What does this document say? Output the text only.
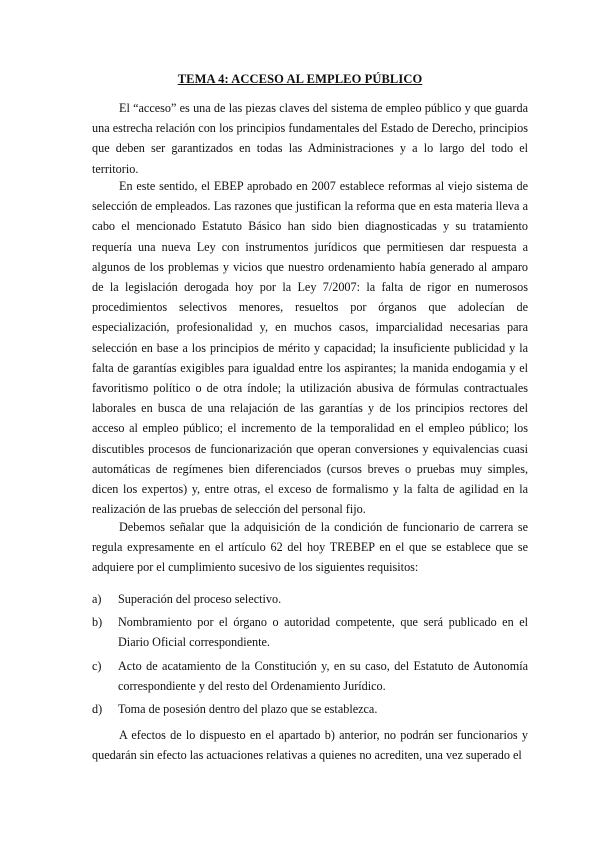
TEMA 4: ACCESO AL EMPLEO PÚBLICO

El “acceso” es una de las piezas claves del sistema de empleo público y que guarda una estrecha relación con los principios fundamentales del Estado de Derecho, principios que deben ser garantizados en todas las Administraciones y a lo largo del todo el territorio.

En este sentido, el EBEP aprobado en 2007 establece reformas al viejo sistema de selección de empleados. Las razones que justifican la reforma que en esta materia lleva a cabo el mencionado Estatuto Básico han sido bien diagnosticadas y su tratamiento requería una nueva Ley con instrumentos jurídicos que permitiesen dar respuesta a algunos de los problemas y vicios que nuestro ordenamiento había generado al amparo de la legislación derogada hoy por la Ley 7/2007: la falta de rigor en numerosos procedimientos selectivos menores, resueltos por órganos que adolecían de especialización, profesionalidad y, en muchos casos, imparcialidad necesarias para selección en base a los principios de mérito y capacidad; la insuficiente publicidad y la falta de garantías exigibles para igualdad entre los aspirantes; la manida endogamia y el favoritismo político o de otra índole; la utilización abusiva de fórmulas contractuales laborales en busca de una relajación de las garantías y de los principios rectores del acceso al empleo público; el incremento de la temporalidad en el empleo público; los discutibles procesos de funcionarización que operan conversiones y equivalencias cuasi automáticas de regímenes bien diferenciados (cursos breves o pruebas muy simples, dicen los expertos) y, entre otras, el exceso de formalismo y la falta de agilidad en la realización de las pruebas de selección del personal fijo.

Debemos señalar que la adquisición de la condición de funcionario de carrera se regula expresamente en el artículo 62 del hoy TREBEP en el que se establece que se adquiere por el cumplimiento sucesivo de los siguientes requisitos:

a) Superación del proceso selectivo.
b) Nombramiento por el órgano o autoridad competente, que será publicado en el Diario Oficial correspondiente.
c) Acto de acatamiento de la Constitución y, en su caso, del Estatuto de Autonomía correspondiente y del resto del Ordenamiento Jurídico.
d) Toma de posesión dentro del plazo que se establezca.

A efectos de lo dispuesto en el apartado b) anterior, no podrán ser funcionarios y quedarán sin efecto las actuaciones relativas a quienes no acrediten, una vez superado el
